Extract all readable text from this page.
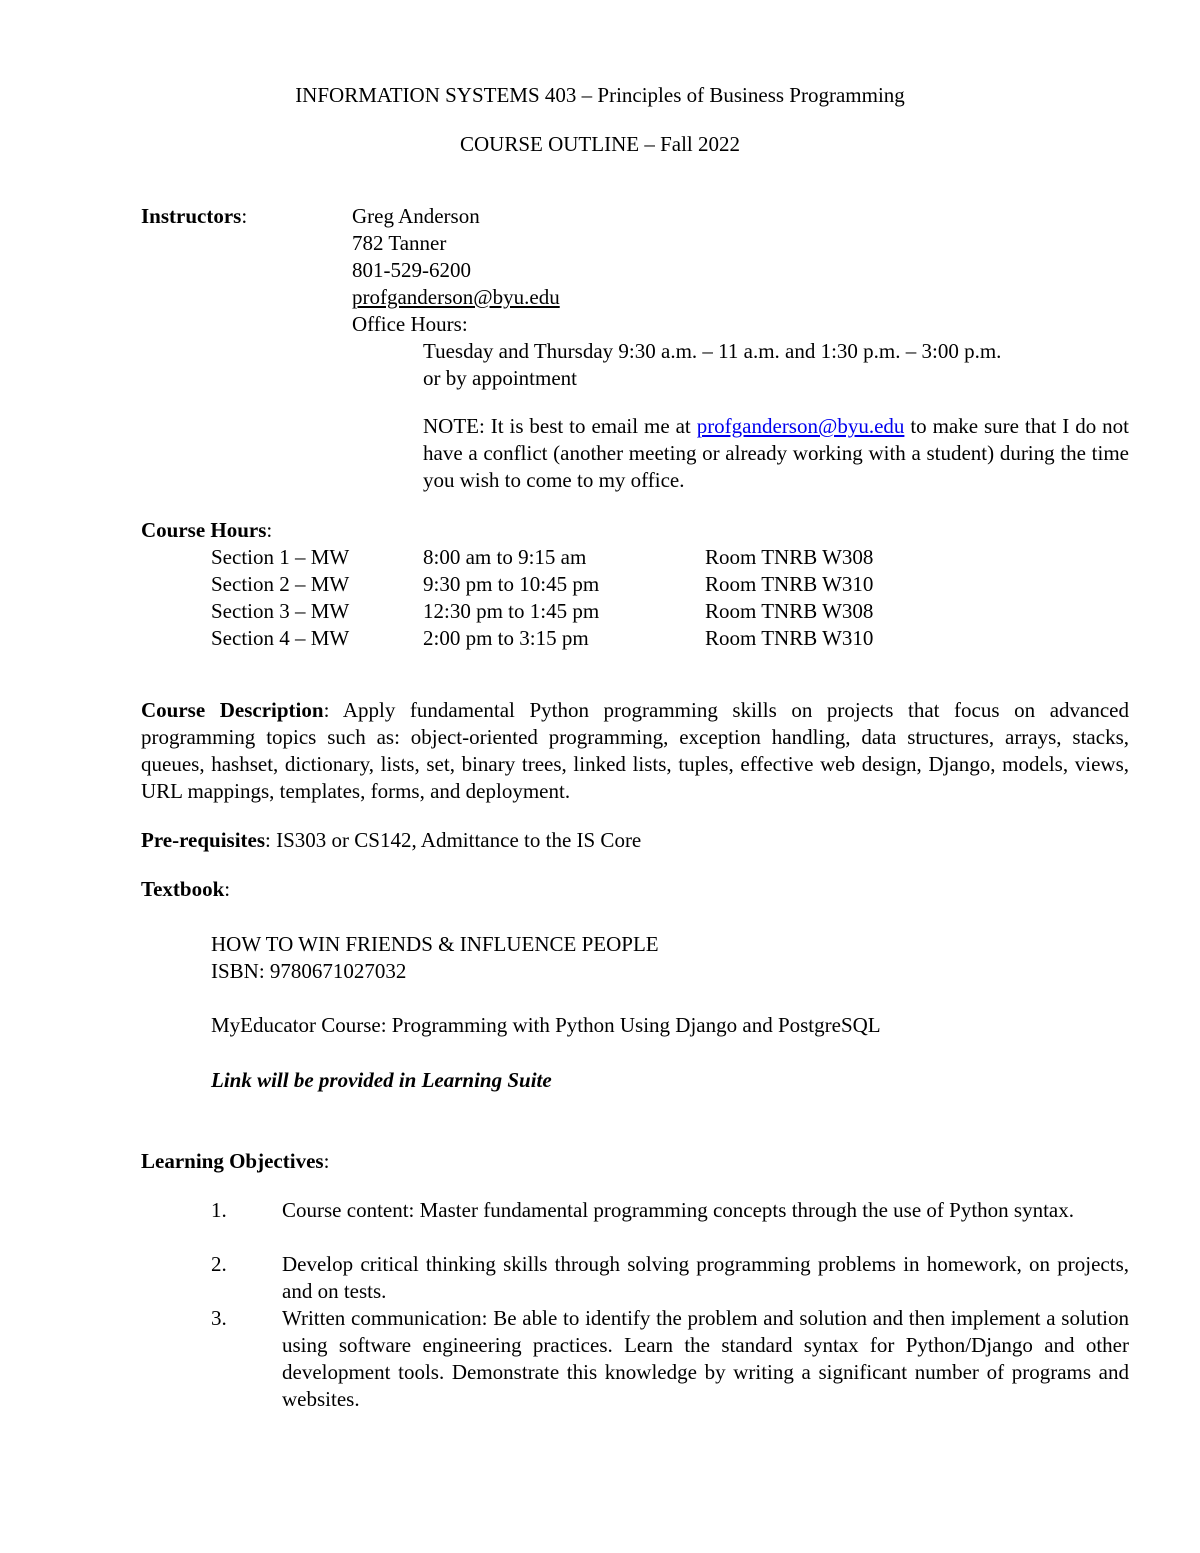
INFORMATION SYSTEMS 403 – Principles of Business Programming
COURSE OUTLINE – Fall 2022
Instructors:	Greg Anderson
782 Tanner
801-529-6200
profganderson@byu.edu
Office Hours:
Tuesday and Thursday 9:30 a.m. – 11 a.m. and 1:30 p.m. – 3:00 p.m.
or by appointment
NOTE: It is best to email me at profganderson@byu.edu to make sure that I do not have a conflict (another meeting or already working with a student) during the time you wish to come to my office.
Course Hours:
Section 1 – MW	8:00 am to 9:15 am	Room TNRB W308
Section 2 – MW	9:30 pm to 10:45 pm	Room TNRB W310
Section 3 – MW	12:30 pm to 1:45 pm	Room TNRB W308
Section 4 – MW	2:00 pm to 3:15 pm	Room TNRB W310
Course Description: Apply fundamental Python programming skills on projects that focus on advanced programming topics such as: object-oriented programming, exception handling, data structures, arrays, stacks, queues, hashset, dictionary, lists, set, binary trees, linked lists, tuples, effective web design, Django, models, views, URL mappings, templates, forms, and deployment.
Pre-requisites: IS303 or CS142, Admittance to the IS Core
Textbook:
HOW TO WIN FRIENDS & INFLUENCE PEOPLE
ISBN: 9780671027032
MyEducator Course: Programming with Python Using Django and PostgreSQL
Link will be provided in Learning Suite
Learning Objectives:
1.	Course content: Master fundamental programming concepts through the use of Python syntax.
2.	Develop critical thinking skills through solving programming problems in homework, on projects, and on tests.
3.	Written communication: Be able to identify the problem and solution and then implement a solution using software engineering practices. Learn the standard syntax for Python/Django and other development tools. Demonstrate this knowledge by writing a significant number of programs and websites.
